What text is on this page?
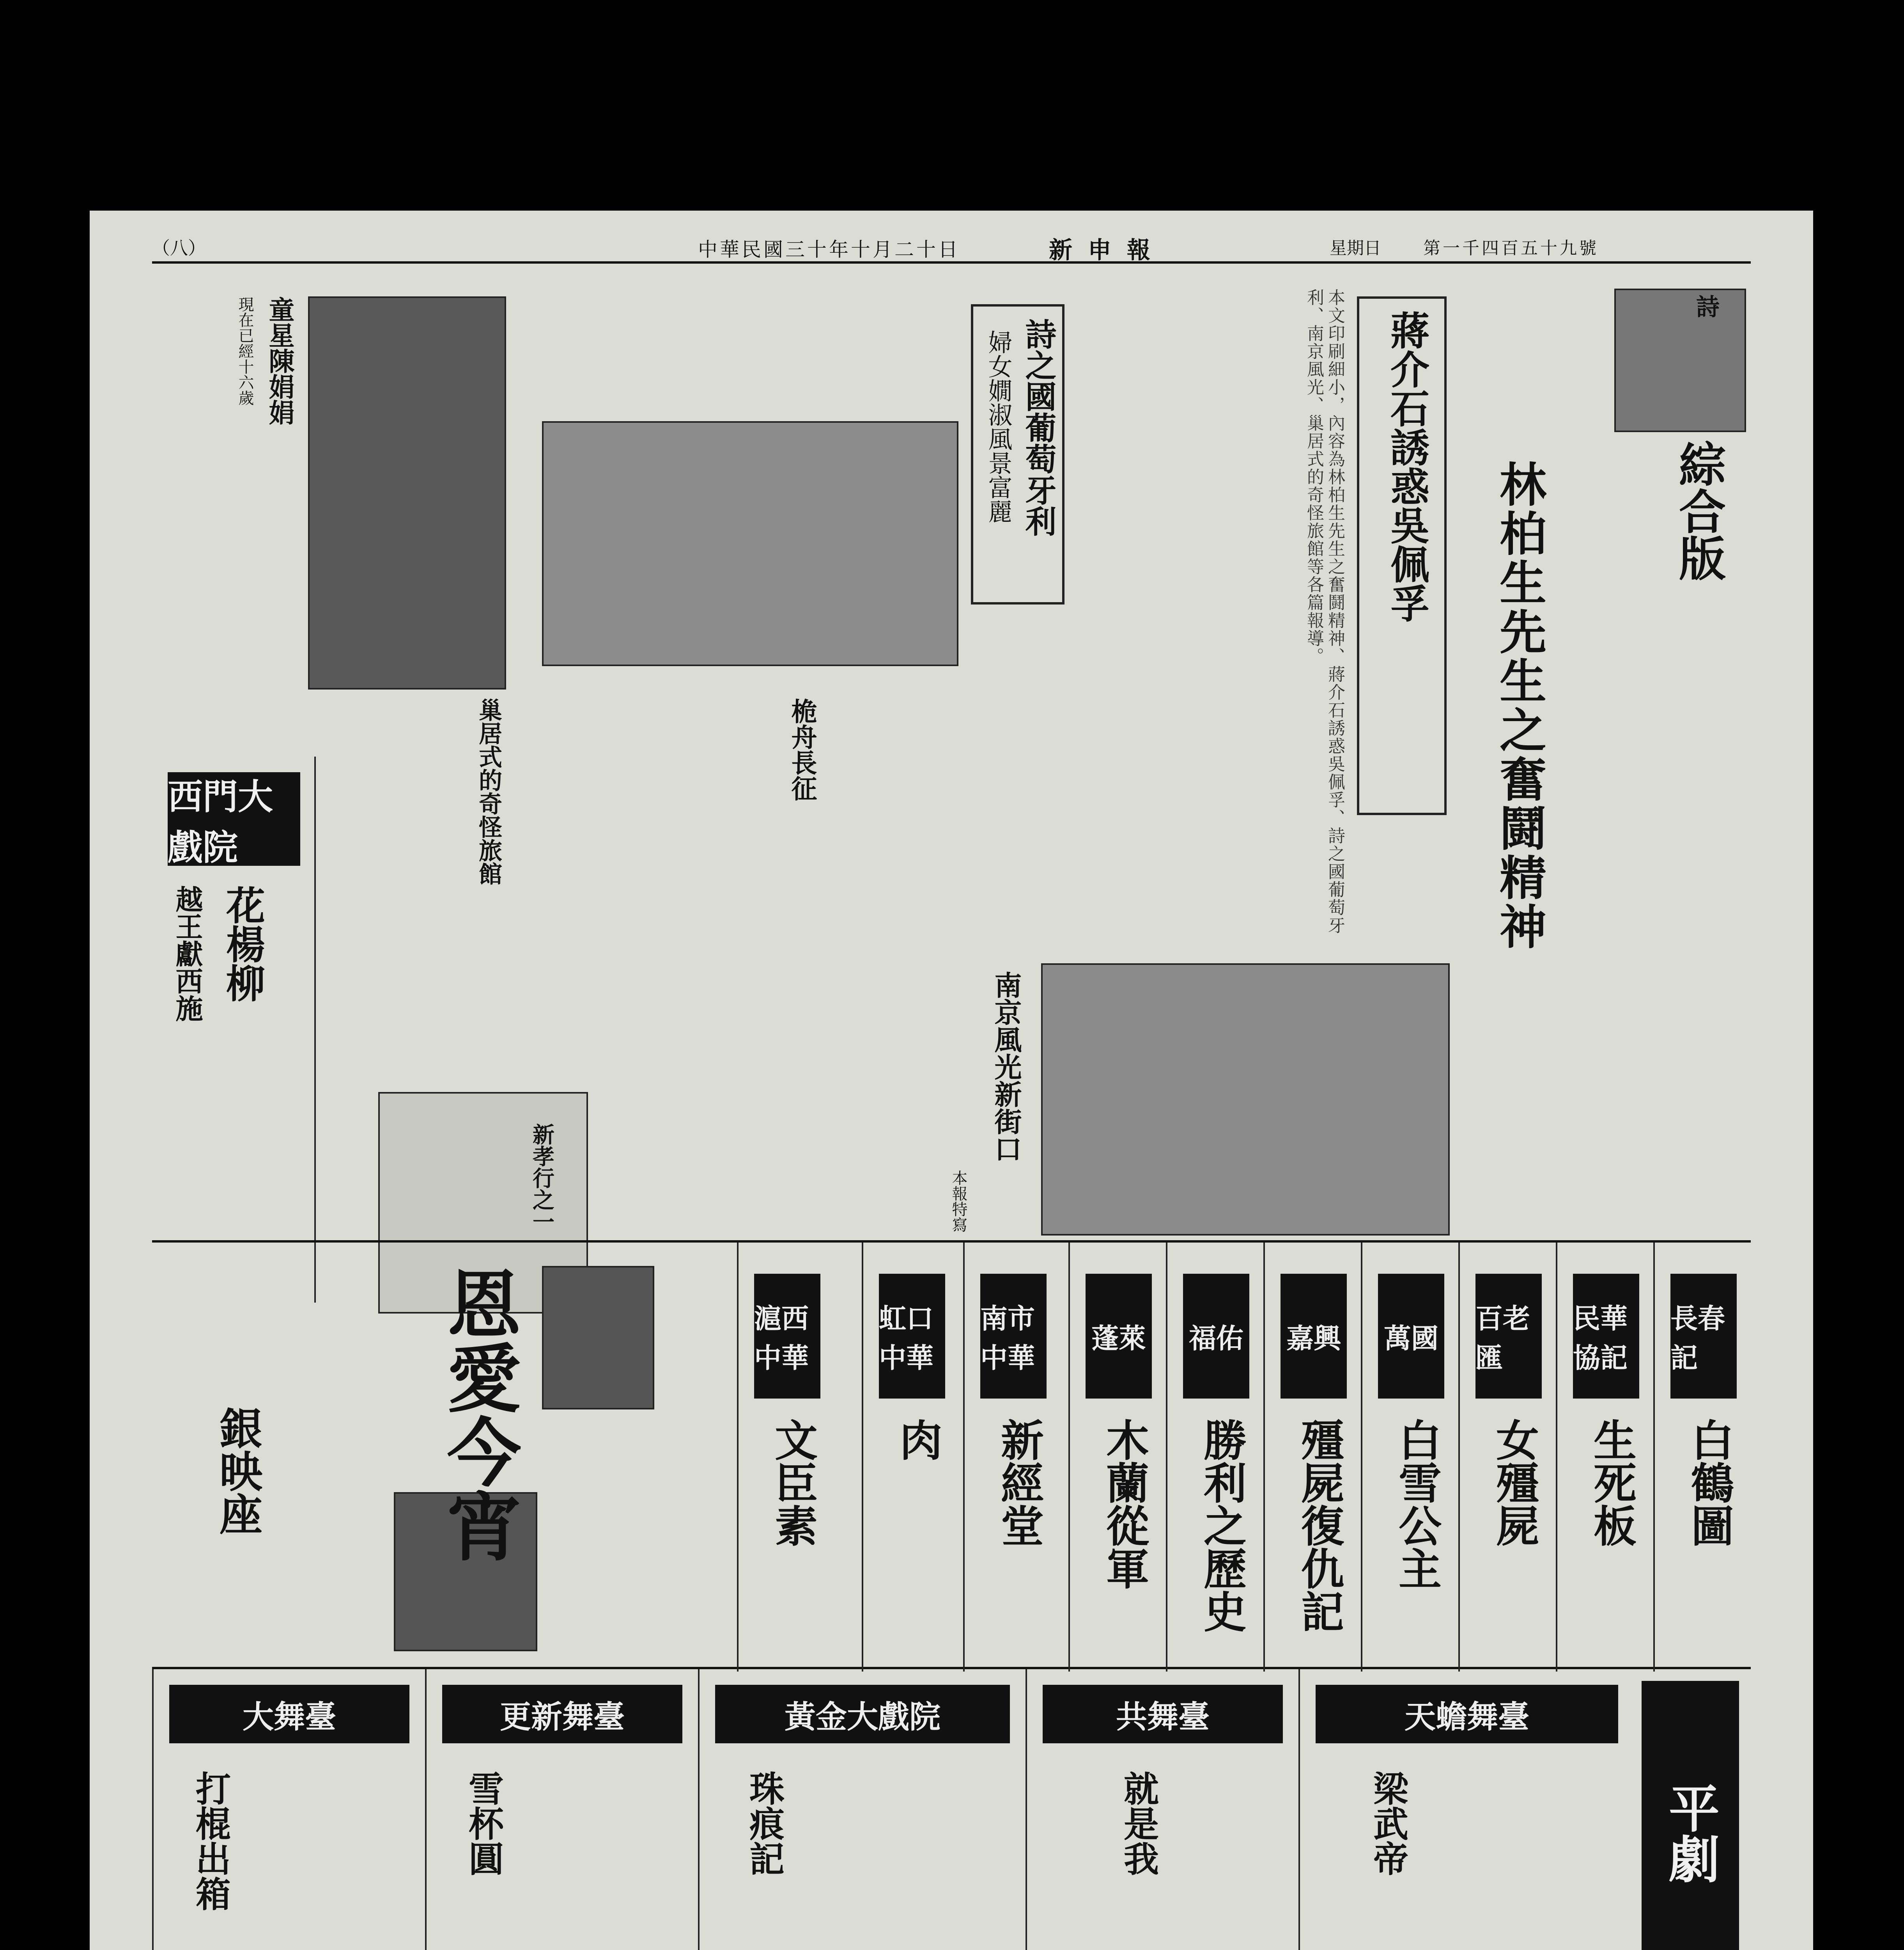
（八）	中華民國三十年十月二十日	新申報	星期日 第一千四百五十九號
綜合版
詩
林柏生先生之奮鬪精神
蔣介石誘惑吳佩孚
詩之國葡萄牙利
婦女嫺淑風景富麗
童星陳娟娟
現在已經十六歲
巢居式的奇怪旅館	桅舟長征
南京風光新街口
本報特寫
新孝行之一
本文印刷細小，內容為林柏生先生之奮鬪精神、蔣介石誘惑吳佩孚、詩之國葡萄牙利、南京風光、巢居式的奇怪旅館等各篇報導。
西門大戲院
花楊柳
越王獻西施
長春記
白鶴圖
民華協記
生死板
百老匯
女殭屍
萬國
白雪公主
嘉興
殭屍復仇記
福佑
勝利之歷史
蓬萊
木蘭從軍
南市中華
新經堂
虹口中華
肉
滬西中華
文臣素
恩愛今宵
銀映座
平劇
天蟾舞臺
梁武帝
共舞臺
就是我
黃金大戲院
珠痕記
更新舞臺
雪杯圓
大舞臺
打棍出箱
